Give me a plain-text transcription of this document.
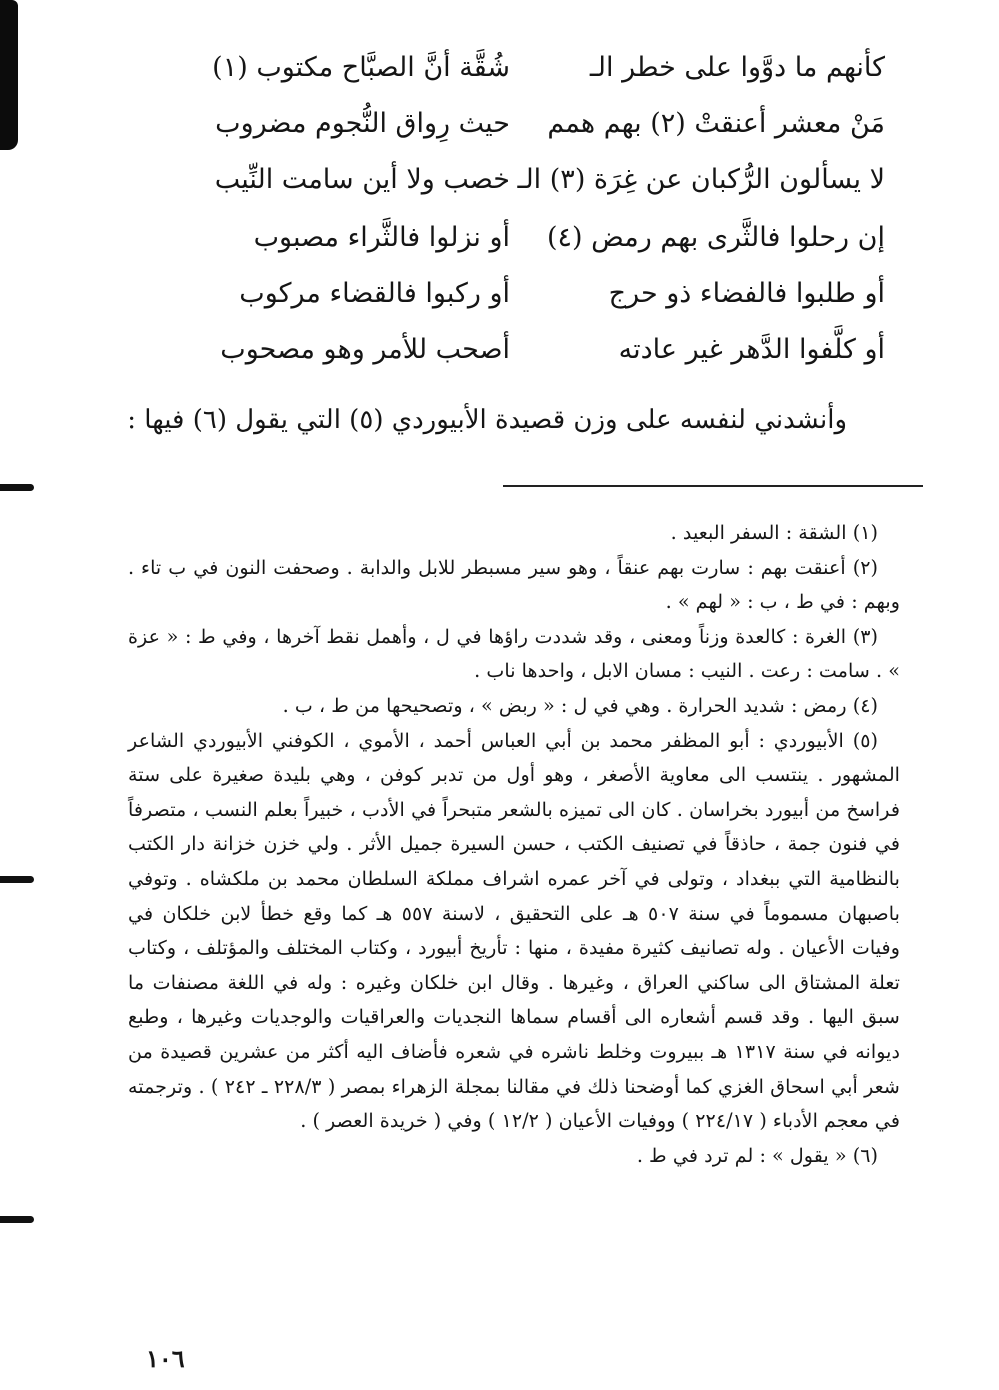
كأنهم ما دوَّوا على خطر الـ
شُقَّة أنَّ الصبَّاح مكتوب (١)
مَنْ معشر أعنقتْ (٢) بهم همم
حيث رِواق النُّجوم مضروب
لا يسألون الرُّكبان عن غِرَة (٣) الـ
خصب ولا أين سامت النِّيب
إن رحلوا فالثَّرى بهم رمض (٤)
أو نزلوا فالثَّراء مصبوب
أو طلبوا فالفضاء ذو حرج
أو ركبوا فالقضاء مركوب
أو كلَّفوا الدَّهر غير عادته
أصحب للأمر وهو مصحوب
وأنشدني لنفسه على وزن قصيدة الأبيوردي (٥) التي يقول (٦) فيها :

(١) الشقة : السفر البعيد .

(٢) أعنقت بهم : سارت بهم عنقاً ، وهو سير مسبطر للابل والدابة . وصحفت النون في ب تاء . وبهم : في ط ، ب : « لهم » .

(٣) الغرة : كالعدة وزناً ومعنى ، وقد شددت راؤها في ل ، وأهمل نقط آخرها ، وفي ط : « عزة » . سامت : رعت . النيب : مسان الابل ، واحدها ناب .

(٤) رمض : شديد الحرارة . وهي في ل : « ربض » ، وتصحيحها من ط ، ب .

(٥) الأبيوردي : أبو المظفر محمد بن أبي العباس أحمد ، الأموي ، الكوفني الأبيوردي الشاعر المشهور . ينتسب الى معاوية الأصغر ، وهو أول من تدبر كوفن ، وهي بليدة صغيرة على ستة فراسخ من أبيورد بخراسان . كان الى تميزه بالشعر متبحراً في الأدب ، خبيراً بعلم النسب ، متصرفاً في فنون جمة ، حاذقاً في تصنيف الكتب ، حسن السيرة جميل الأثر . ولي خزن خزانة دار الكتب بالنظامية التي ببغداد ، وتولى في آخر عمره اشراف مملكة السلطان محمد بن ملكشاه . وتوفي باصبهان مسموماً في سنة ٥٠٧ هـ على التحقيق ، لاسنة ٥٥٧ هـ كما وقع خطأ لابن خلكان في وفيات الأعيان . وله تصانيف كثيرة مفيدة ، منها : تأريخ أبيورد ، وكتاب المختلف والمؤتلف ، وكتاب تعلة المشتاق الى ساكني العراق ، وغيرها . وقال ابن خلكان وغيره : وله في اللغة مصنفات ما سبق اليها . وقد قسم أشعاره الى أقسام سماها النجديات والعراقيات والوجديات وغيرها ، وطبع ديوانه في سنة ١٣١٧ هـ ببيروت وخلط ناشره في شعره فأضاف اليه أكثر من عشرين قصيدة من شعر أبي اسحاق الغزي كما أوضحنا ذلك في مقالنا بمجلة الزهراء بمصر ( ٢٢٨/٣ ـ ٢٤٢ ) . وترجمته في معجم الأدباء ( ٢٢٤/١٧ ) ووفيات الأعيان ( ١٢/٢ ) وفي ( خريدة العصر ) .

(٦) « يقول » : لم ترد في ط .

١٠٦
